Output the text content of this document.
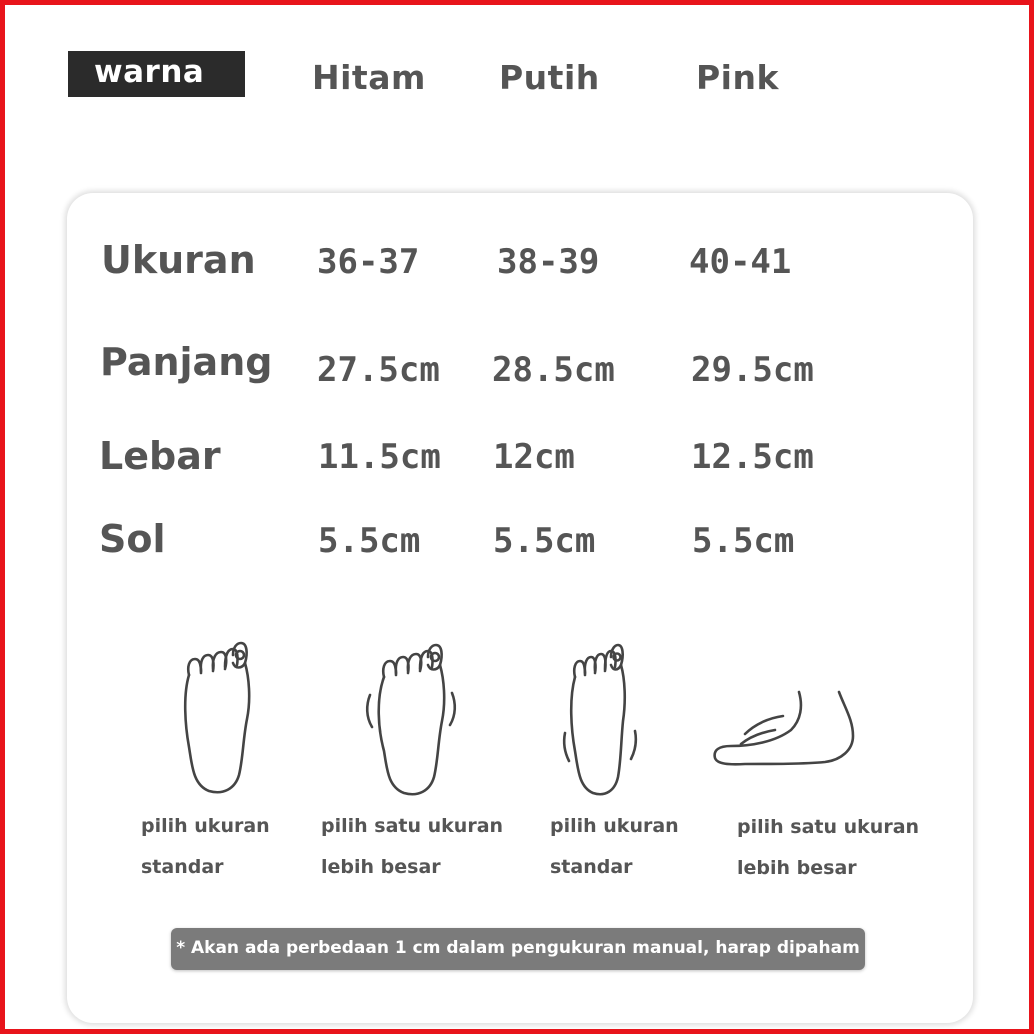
warna	Hitam Putih	Pink
Ukuran 36-37 38-39	40-41
Panjang 27.5cm 28.5cm 29.5cm
Lebar	11.5cm 12cm	12.5cm
Sol	5.5cm 5.5cm	5.5cm
pilih ukuran
standar
pilih satu ukuran
lebih besar
pilih ukuran
standar
pilih satu ukuran
lebih besar
* Akan ada perbedaan 1 cm dalam pengukuran manual, harap dipaham
